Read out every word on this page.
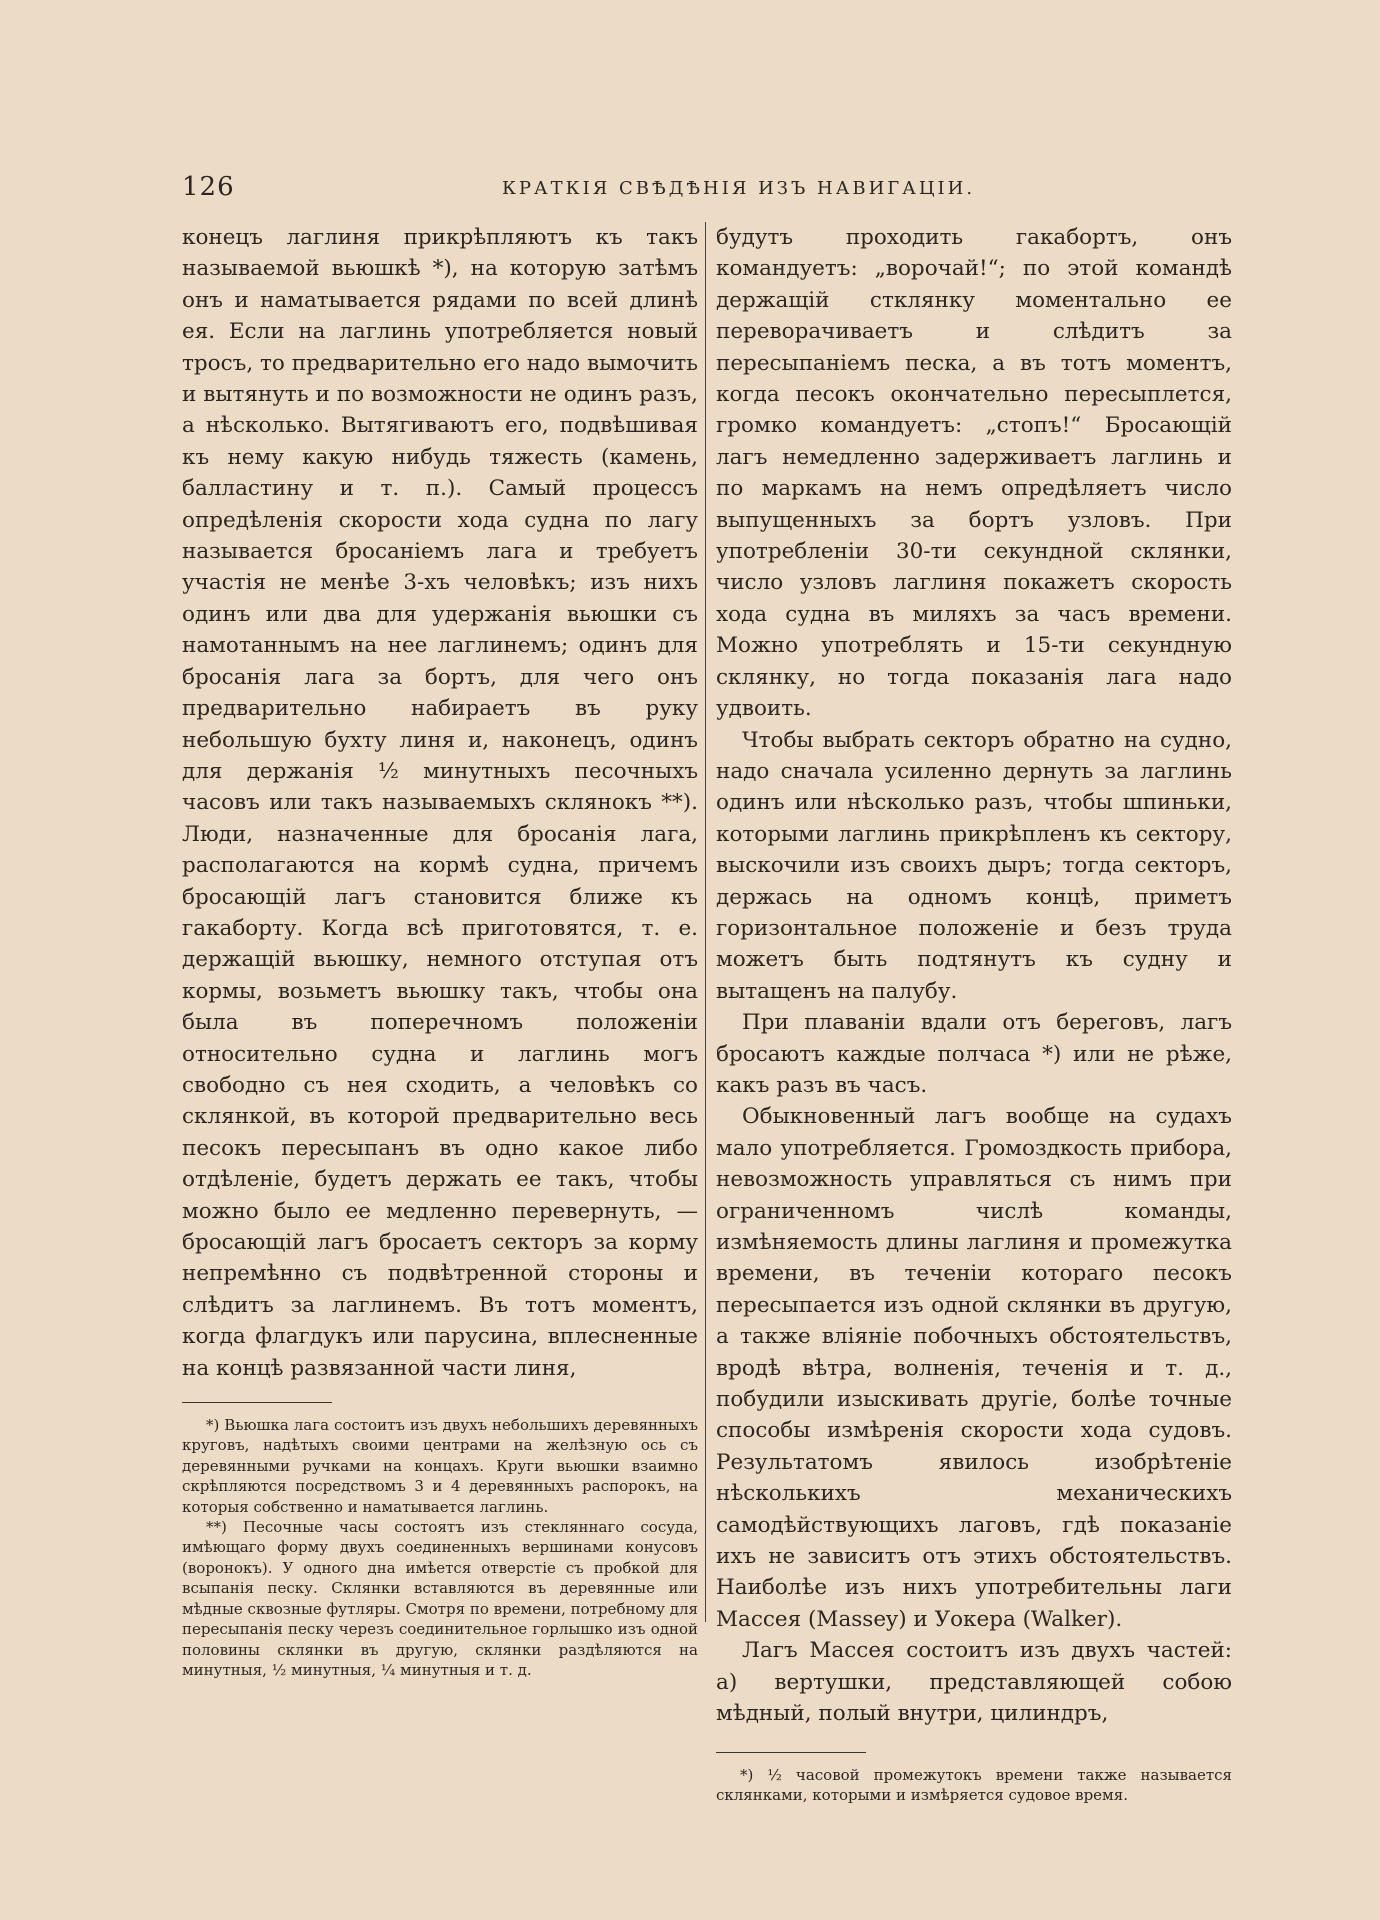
126	КРАТКІЯ СВѢДѢНІЯ ИЗЪ НАВИГАЦІИ.

конецъ лаглиня прикрѣпляютъ къ такъ называемой вьюшкѣ *), на которую затѣмъ онъ и наматывается рядами по всей длинѣ ея. Если на лаглинь употребляется новый тросъ, то предварительно его надо вымочить и вытянуть и по возможности не одинъ разъ, а нѣсколько. Вытягиваютъ его, подвѣшивая къ нему какую нибудь тяжесть (камень, балластину и т. п.). Самый процессъ опредѣленія скорости хода судна по лагу называется бросаніемъ лага и требуетъ участія не менѣе 3-хъ человѣкъ; изъ нихъ одинъ или два для удержанія вьюшки съ намотаннымъ на нее лаглинемъ; одинъ для бросанія лага за бортъ, для чего онъ предварительно набираетъ въ руку небольшую бухту линя и, наконецъ, одинъ для держанія ½ минутныхъ песочныхъ часовъ или такъ называемыхъ склянокъ **). Люди, назначенные для бросанія лага, располагаются на кормѣ судна, причемъ бросающій лагъ становится ближе къ гакаборту. Когда всѣ приготовятся, т. е. держащій вьюшку, немного отступая отъ кормы, возьметъ вьюшку такъ, чтобы она была въ поперечномъ положеніи относительно судна и лаглинь могъ свободно съ нея сходить, а человѣкъ со склянкой, въ которой предварительно весь песокъ пересыпанъ въ одно какое либо отдѣленіе, будетъ держать ее такъ, чтобы можно было ее медленно перевернуть, —бросающій лагъ бросаетъ секторъ за корму непремѣнно съ подвѣтренной стороны и слѣдитъ за лаглинемъ. Въ тотъ моментъ, когда флагдукъ или парусина, вплесненные на концѣ развязанной части линя,

*) Вьюшка лага состоитъ изъ двухъ небольшихъ деревянныхъ круговъ, надѣтыхъ своими центрами на желѣзную ось съ деревянными ручками на концахъ. Круги вьюшки взаимно скрѣпляются посредствомъ 3 и 4 деревянныхъ распорокъ, на которыя собственно и наматывается лаглинь.

**) Песочные часы состоятъ изъ стекляннаго сосуда, имѣющаго форму двухъ соединенныхъ вершинами конусовъ (воронокъ). У одного дна имѣется отверстіе съ пробкой для всыпанія песку. Склянки вставляются въ деревянные или мѣдные сквозные футляры. Смотря по времени, потребному для пересыпанія песку черезъ соединительное горлышко изъ одной половины склянки въ другую, склянки раздѣляются на минутныя, ½ минутныя, ¼ минутныя и т. д.

будутъ проходить гакабортъ, онъ командуетъ: „ворочай!“; по этой командѣ держащій стклянку моментально ее переворачиваетъ и слѣдитъ за пересыпаніемъ песка, а въ тотъ моментъ, когда песокъ окончательно пересыплется, громко командуетъ: „стопъ!“ Бросающій лагъ немедленно задерживаетъ лаглинь и по маркамъ на немъ опредѣляетъ число выпущенныхъ за бортъ узловъ. При употребленіи 30-ти секундной склянки, число узловъ лаглиня покажетъ скорость хода судна въ миляхъ за часъ времени. Можно употреблять и 15-ти секундную склянку, но тогда показанія лага надо удвоить.

Чтобы выбрать секторъ обратно на судно, надо сначала усиленно дернуть за лаглинь одинъ или нѣсколько разъ, чтобы шпиньки, которыми лаглинь прикрѣпленъ къ сектору, выскочили изъ своихъ дыръ; тогда секторъ, держась на одномъ концѣ, приметъ горизонтальное положеніе и безъ труда можетъ быть подтянутъ къ судну и вытащенъ на палубу.

При плаваніи вдали отъ береговъ, лагъ бросаютъ каждые полчаса *) или не рѣже, какъ разъ въ часъ.

Обыкновенный лагъ вообще на судахъ мало употребляется. Громоздкость прибора, невозможность управляться съ нимъ при ограниченномъ числѣ команды, измѣняемость длины лаглиня и промежутка времени, въ теченіи котораго песокъ пересыпается изъ одной склянки въ другую, а также вліяніе побочныхъ обстоятельствъ, вродѣ вѣтра, волненія, теченія и т. д., побудили изыскивать другіе, болѣе точные способы измѣренія скорости хода судовъ. Результатомъ явилось изобрѣтеніе нѣсколькихъ механическихъ самодѣйствующихъ лаговъ, гдѣ показаніе ихъ не зависитъ отъ этихъ обстоятельствъ. Наиболѣе изъ нихъ употребительны лаги Массея (Massey) и Уокера (Walker).

Лагъ Массея состоитъ изъ двухъ частей: а) вертушки, представляющей собою мѣдный, полый внутри, цилиндръ,

*) ½ часовой промежутокъ времени также называется склянками, которыми и измѣряется судовое время.
